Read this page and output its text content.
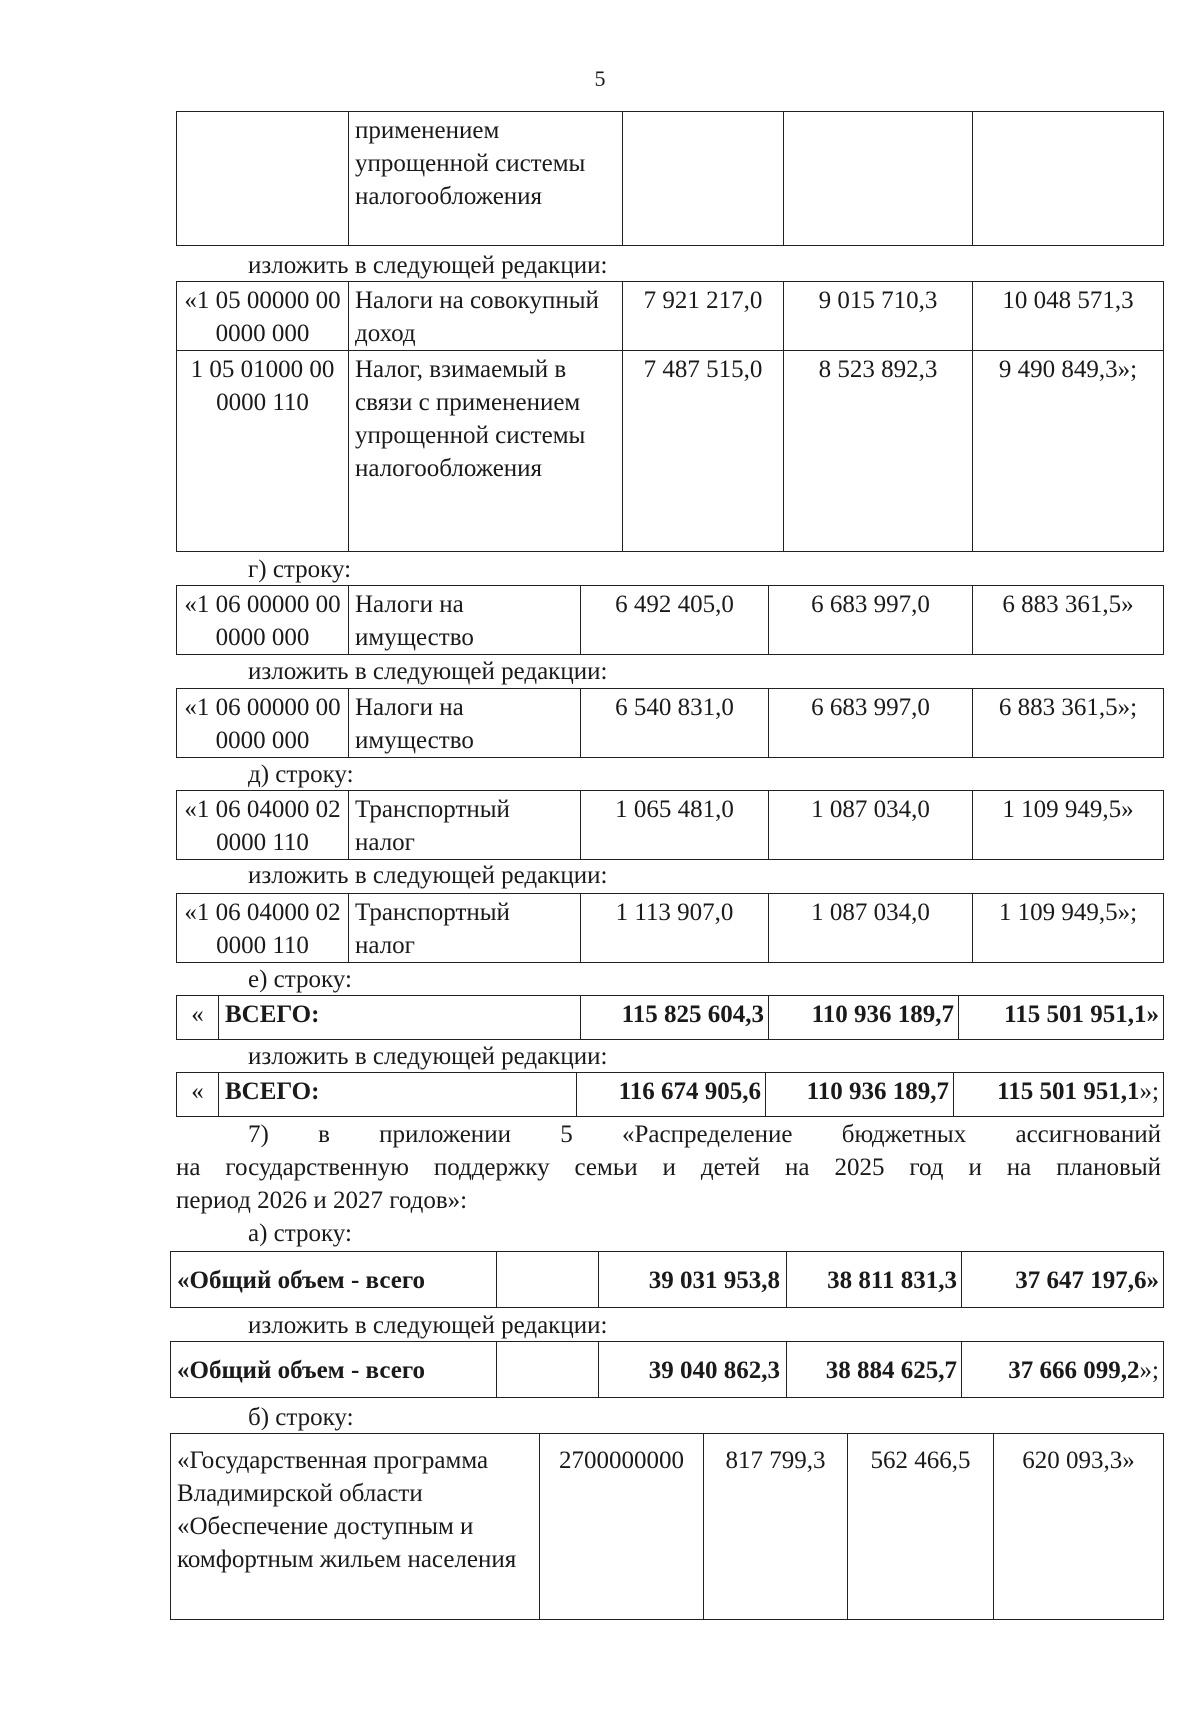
5
	применением упрощенной системы налогообложения			
изложить в следующей редакции:
«1 05 00000 00 0000 000	Налоги на совокупный доход	7 921 217,0	9 015 710,3	10 048 571,3
1 05 01000 00 0000 110	Налог, взимаемый в связи с применением упрощенной системы налогообложения	7 487 515,0	8 523 892,3	9 490 849,3»;
г) строку:
«1 06 00000 00 0000 000	Налоги на имущество	6 492 405,0	6 683 997,0	6 883 361,5»
изложить в следующей редакции:
«1 06 00000 00 0000 000	Налоги на имущество	6 540 831,0	6 683 997,0	6 883 361,5»;
д) строку:
«1 06 04000 02 0000 110	Транспортный налог	1 065 481,0	1 087 034,0	1 109 949,5»
изложить в следующей редакции:
«1 06 04000 02 0000 110	Транспортный налог	1 113 907,0	1 087 034,0	1 109 949,5»;
е) строку:
«	ВСЕГО:	115 825 604,3	110 936 189,7	115 501 951,1»
изложить в следующей редакции:
«	ВСЕГО:	116 674 905,6	110 936 189,7	115 501 951,1»;
7) в приложении 5 «Распределение бюджетных ассигнований
на государственную поддержку семьи и детей на 2025 год и на плановый
период 2026 и 2027 годов»:
а) строку:
«Общий объем - всего		39 031 953,8	38 811 831,3	37 647 197,6»
изложить в следующей редакции:
«Общий объем - всего		39 040 862,3	38 884 625,7	37 666 099,2»;
б) строку:
«Государственная программа Владимирской области «Обеспечение доступным и комфортным жильем населения	2700000000	817 799,3	562 466,5	620 093,3»
